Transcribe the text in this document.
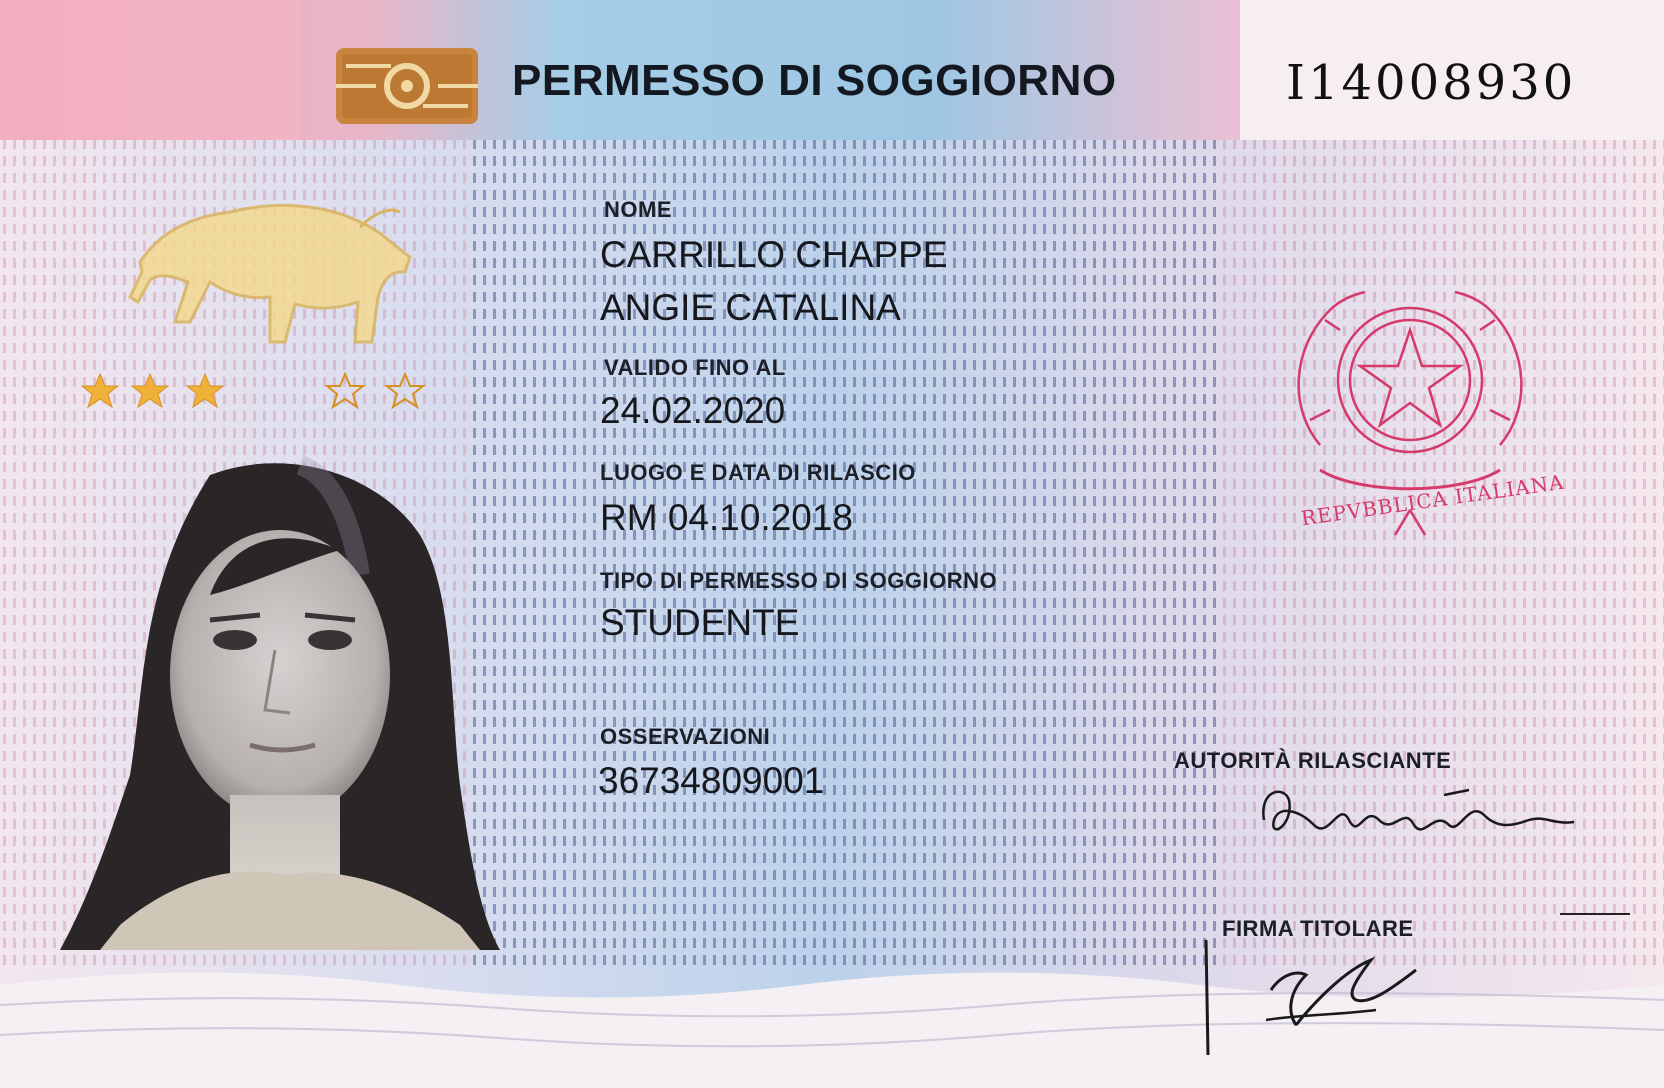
PERMESSO DI SOGGIORNO	I14008930
NOME
CARRILLO CHAPPE
ANGIE CATALINA
VALIDO FINO AL
24.02.2020
LUOGO E DATA DI RILASCIO
RM 04.10.2018
TIPO DI PERMESSO DI SOGGIORNO
STUDENTE
OSSERVAZIONI
36734809001
REPVBBLICA ITALIANA
AUTORITÀ RILASCIANTE
FIRMA TITOLARE
